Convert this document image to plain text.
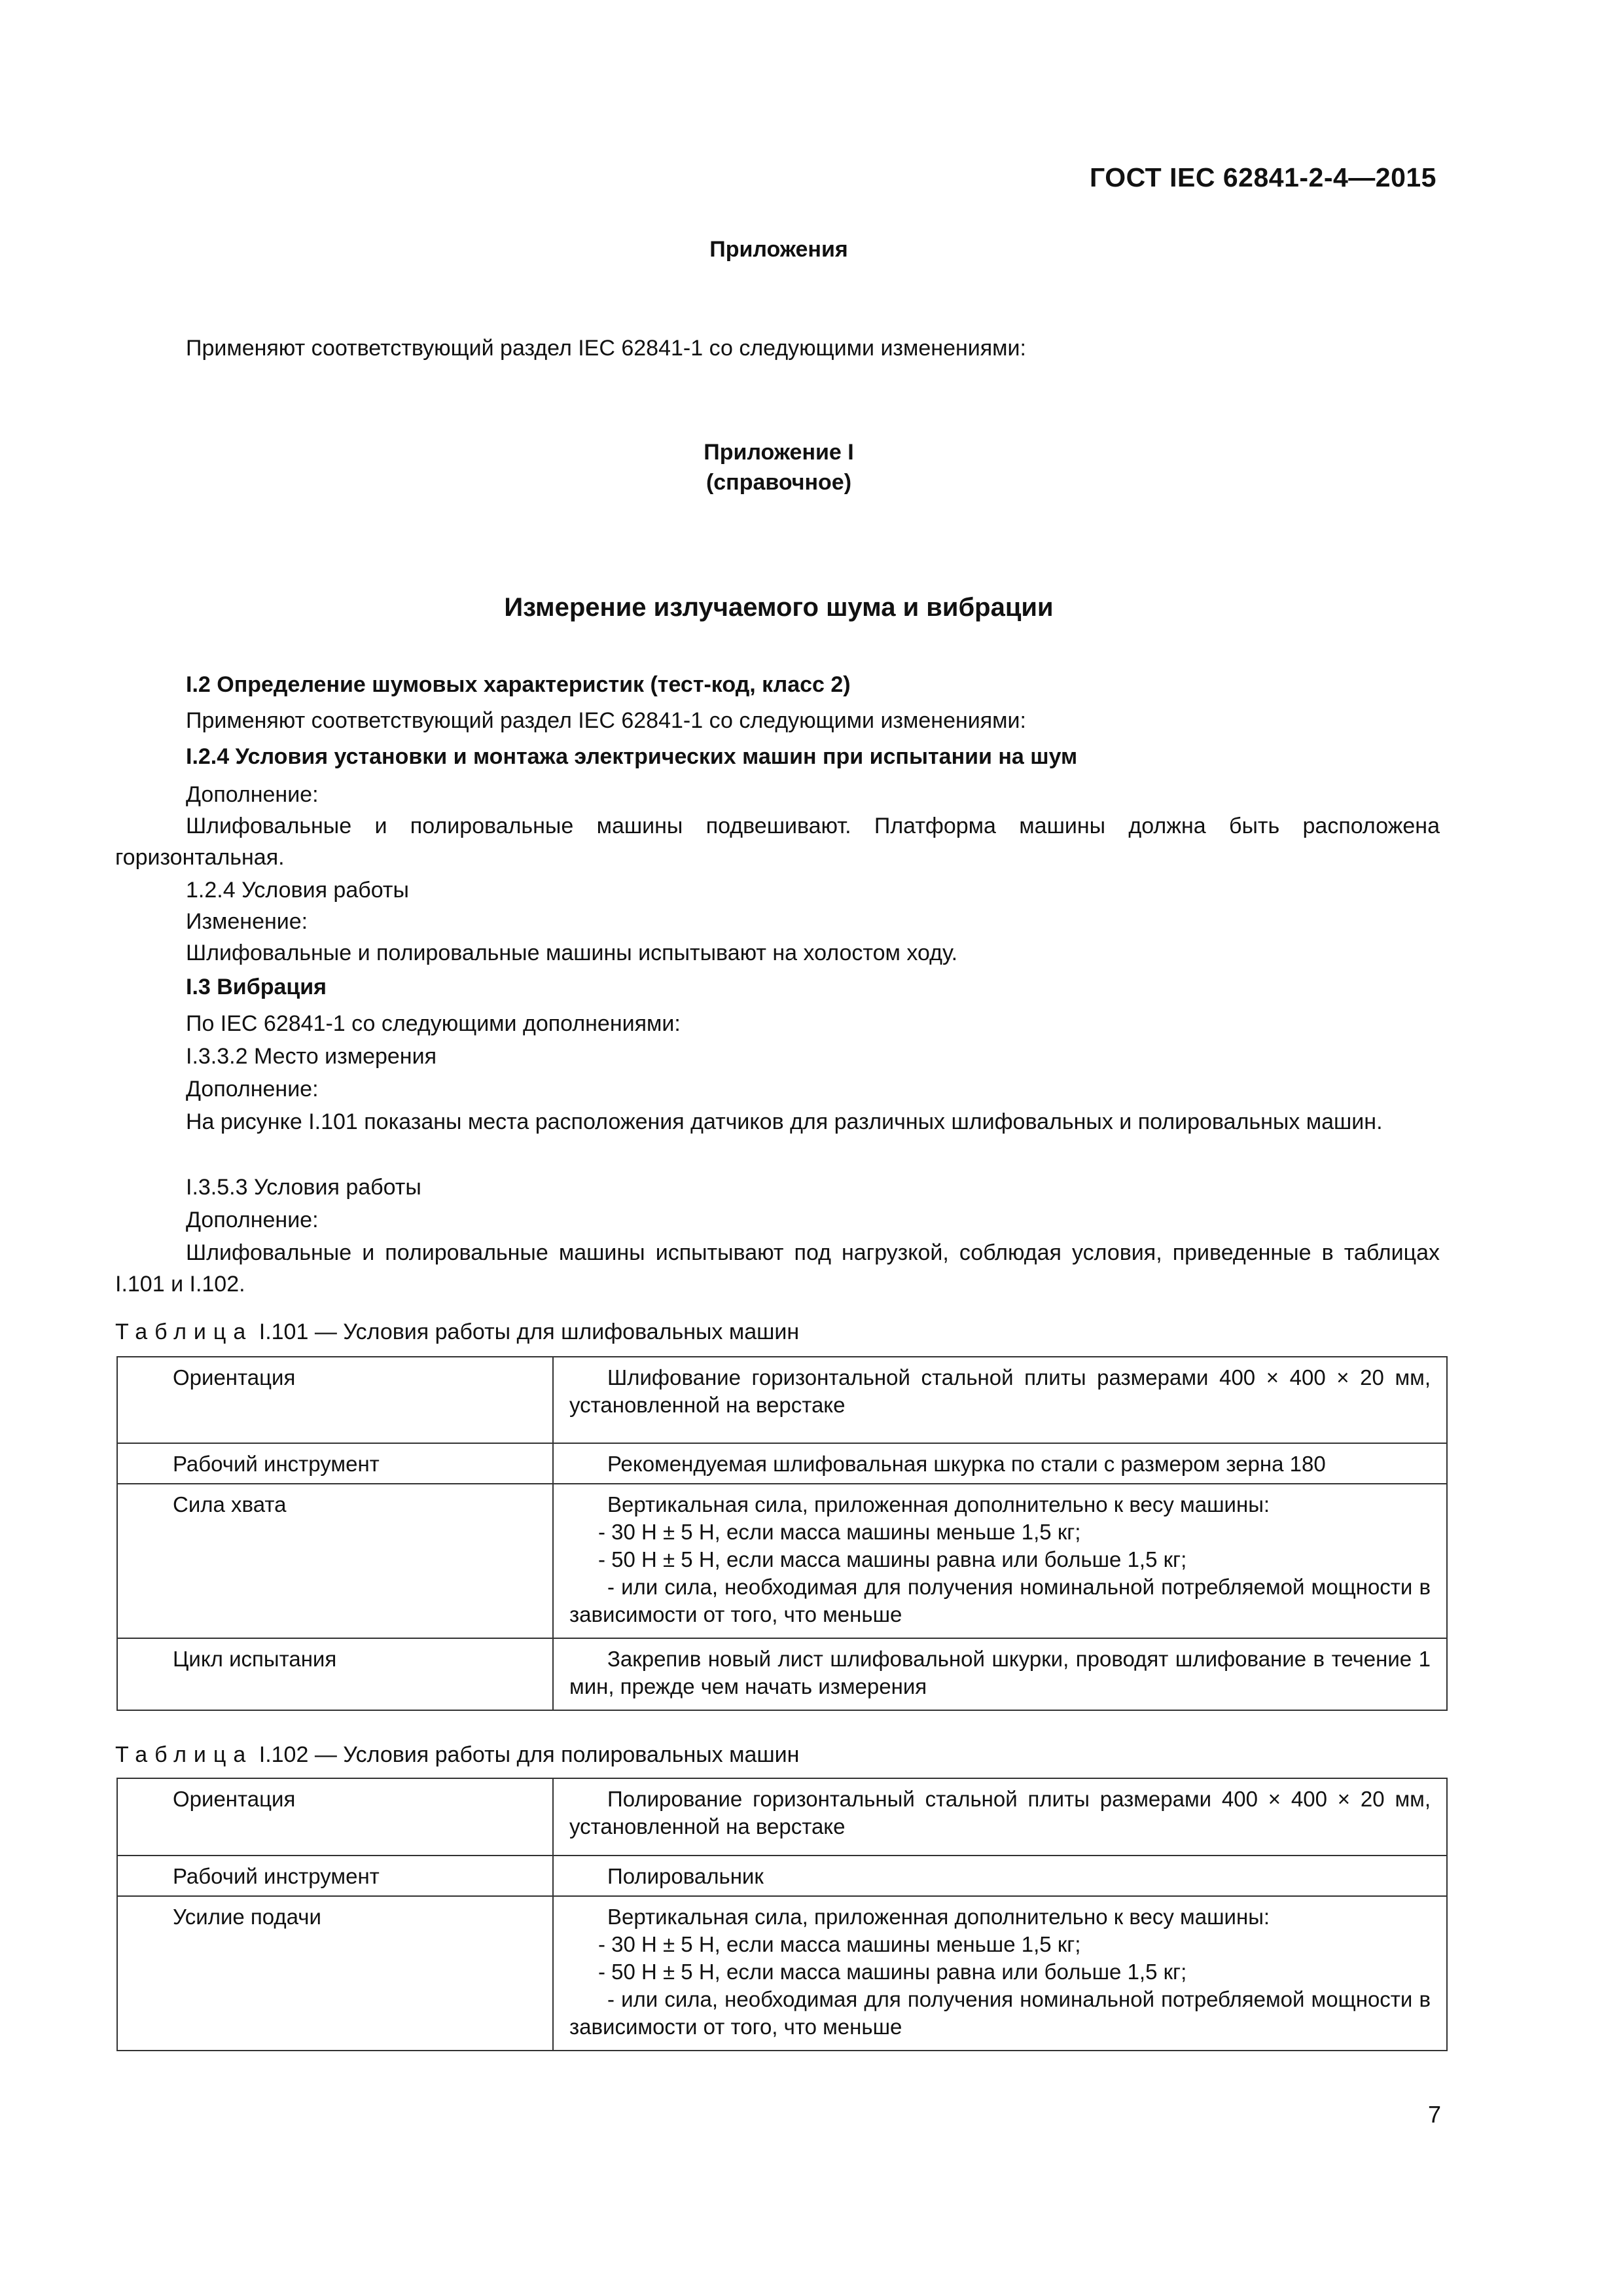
ГОСТ IEC 62841-2-4—2015
Приложения
Применяют соответствующий раздел IEC 62841-1 со следующими изменениями:
Приложение I
(справочное)
Измерение излучаемого шума и вибрации
I.2 Определение шумовых характеристик (тест-код, класс 2)
Применяют соответствующий раздел IEC 62841-1 со следующими изменениями:
I.2.4 Условия установки и монтажа электрических машин при испытании на шум
Дополнение:
Шлифовальные и полировальные машины подвешивают. Платформа машины должна быть расположена горизонтальная.
1.2.4 Условия работы
Изменение:
Шлифовальные и полировальные машины испытывают на холостом ходу.
I.3 Вибрация
По IEC 62841-1 со следующими дополнениями:
I.3.3.2 Место измерения
Дополнение:
На рисунке I.101 показаны места расположения датчиков для различных шлифовальных и полировальных машин.
I.3.5.3 Условия работы
Дополнение:
Шлифовальные и полировальные машины испытывают под нагрузкой, соблюдая условия, приведенные в таблицах I.101 и I.102.
Таблица I.101 — Условия работы для шлифовальных машин
Ориентация	Шлифование горизонтальной стальной плиты размерами 400 × 400 × 20 мм, установленной на верстаке
Рабочий инструмент	Рекомендуемая шлифовальная шкурка по стали с размером зерна 180
Сила хвата	Вертикальная сила, приложенная дополнительно к весу машины:
- 30 Н ± 5 Н, если масса машины меньше 1,5 кг;
- 50 Н ± 5 Н, если масса машины равна или больше 1,5 кг;
- или сила, необходимая для получения номинальной потребляемой мощности в зависимости от того, что меньше

Цикл испытания	Закрепив новый лист шлифовальной шкурки, проводят шлифование в течение 1 мин, прежде чем начать измерения
Таблица I.102 — Условия работы для полировальных машин
Ориентация	Полирование горизонтальный стальной плиты размерами 400 × 400 × 20 мм, установленной на верстаке
Рабочий инструмент	Полировальник
Усилие подачи	Вертикальная сила, приложенная дополнительно к весу машины:
- 30 Н ± 5 Н, если масса машины меньше 1,5 кг;
- 50 Н ± 5 Н, если масса машины равна или больше 1,5 кг;
- или сила, необходимая для получения номинальной потребляемой мощности в зависимости от того, что меньше
7
